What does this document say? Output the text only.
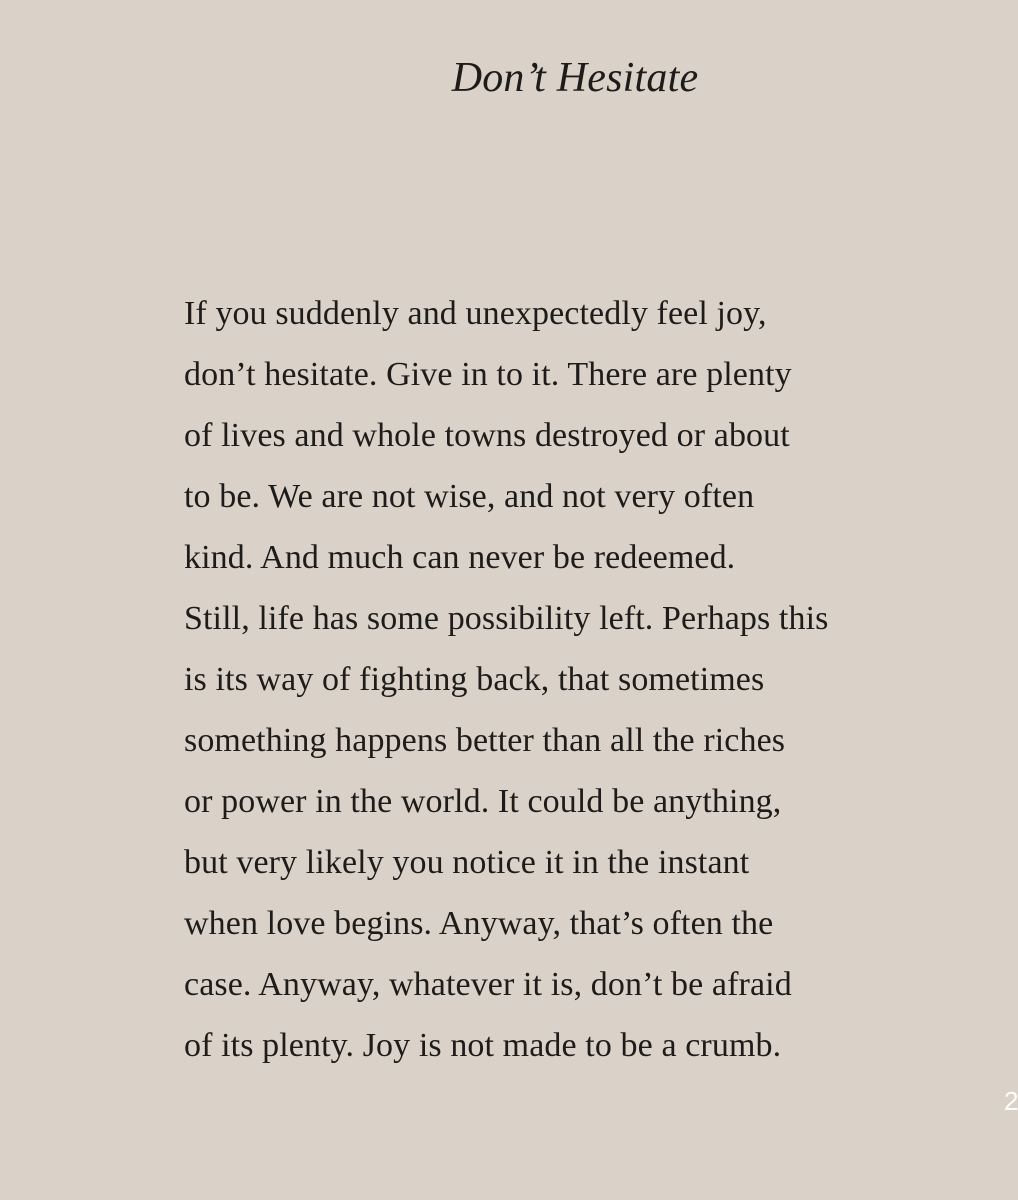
Don’t Hesitate
If you suddenly and unexpectedly feel joy,
don’t hesitate. Give in to it. There are plenty
of lives and whole towns destroyed or about
to be. We are not wise, and not very often
kind. And much can never be redeemed.
Still, life has some possibility left. Perhaps this
is its way of fighting back, that sometimes
something happens better than all the riches
or power in the world. It could be anything,
but very likely you notice it in the instant
when love begins. Anyway, that’s often the
case. Anyway, whatever it is, don’t be afraid
of its plenty. Joy is not made to be a crumb.
2
